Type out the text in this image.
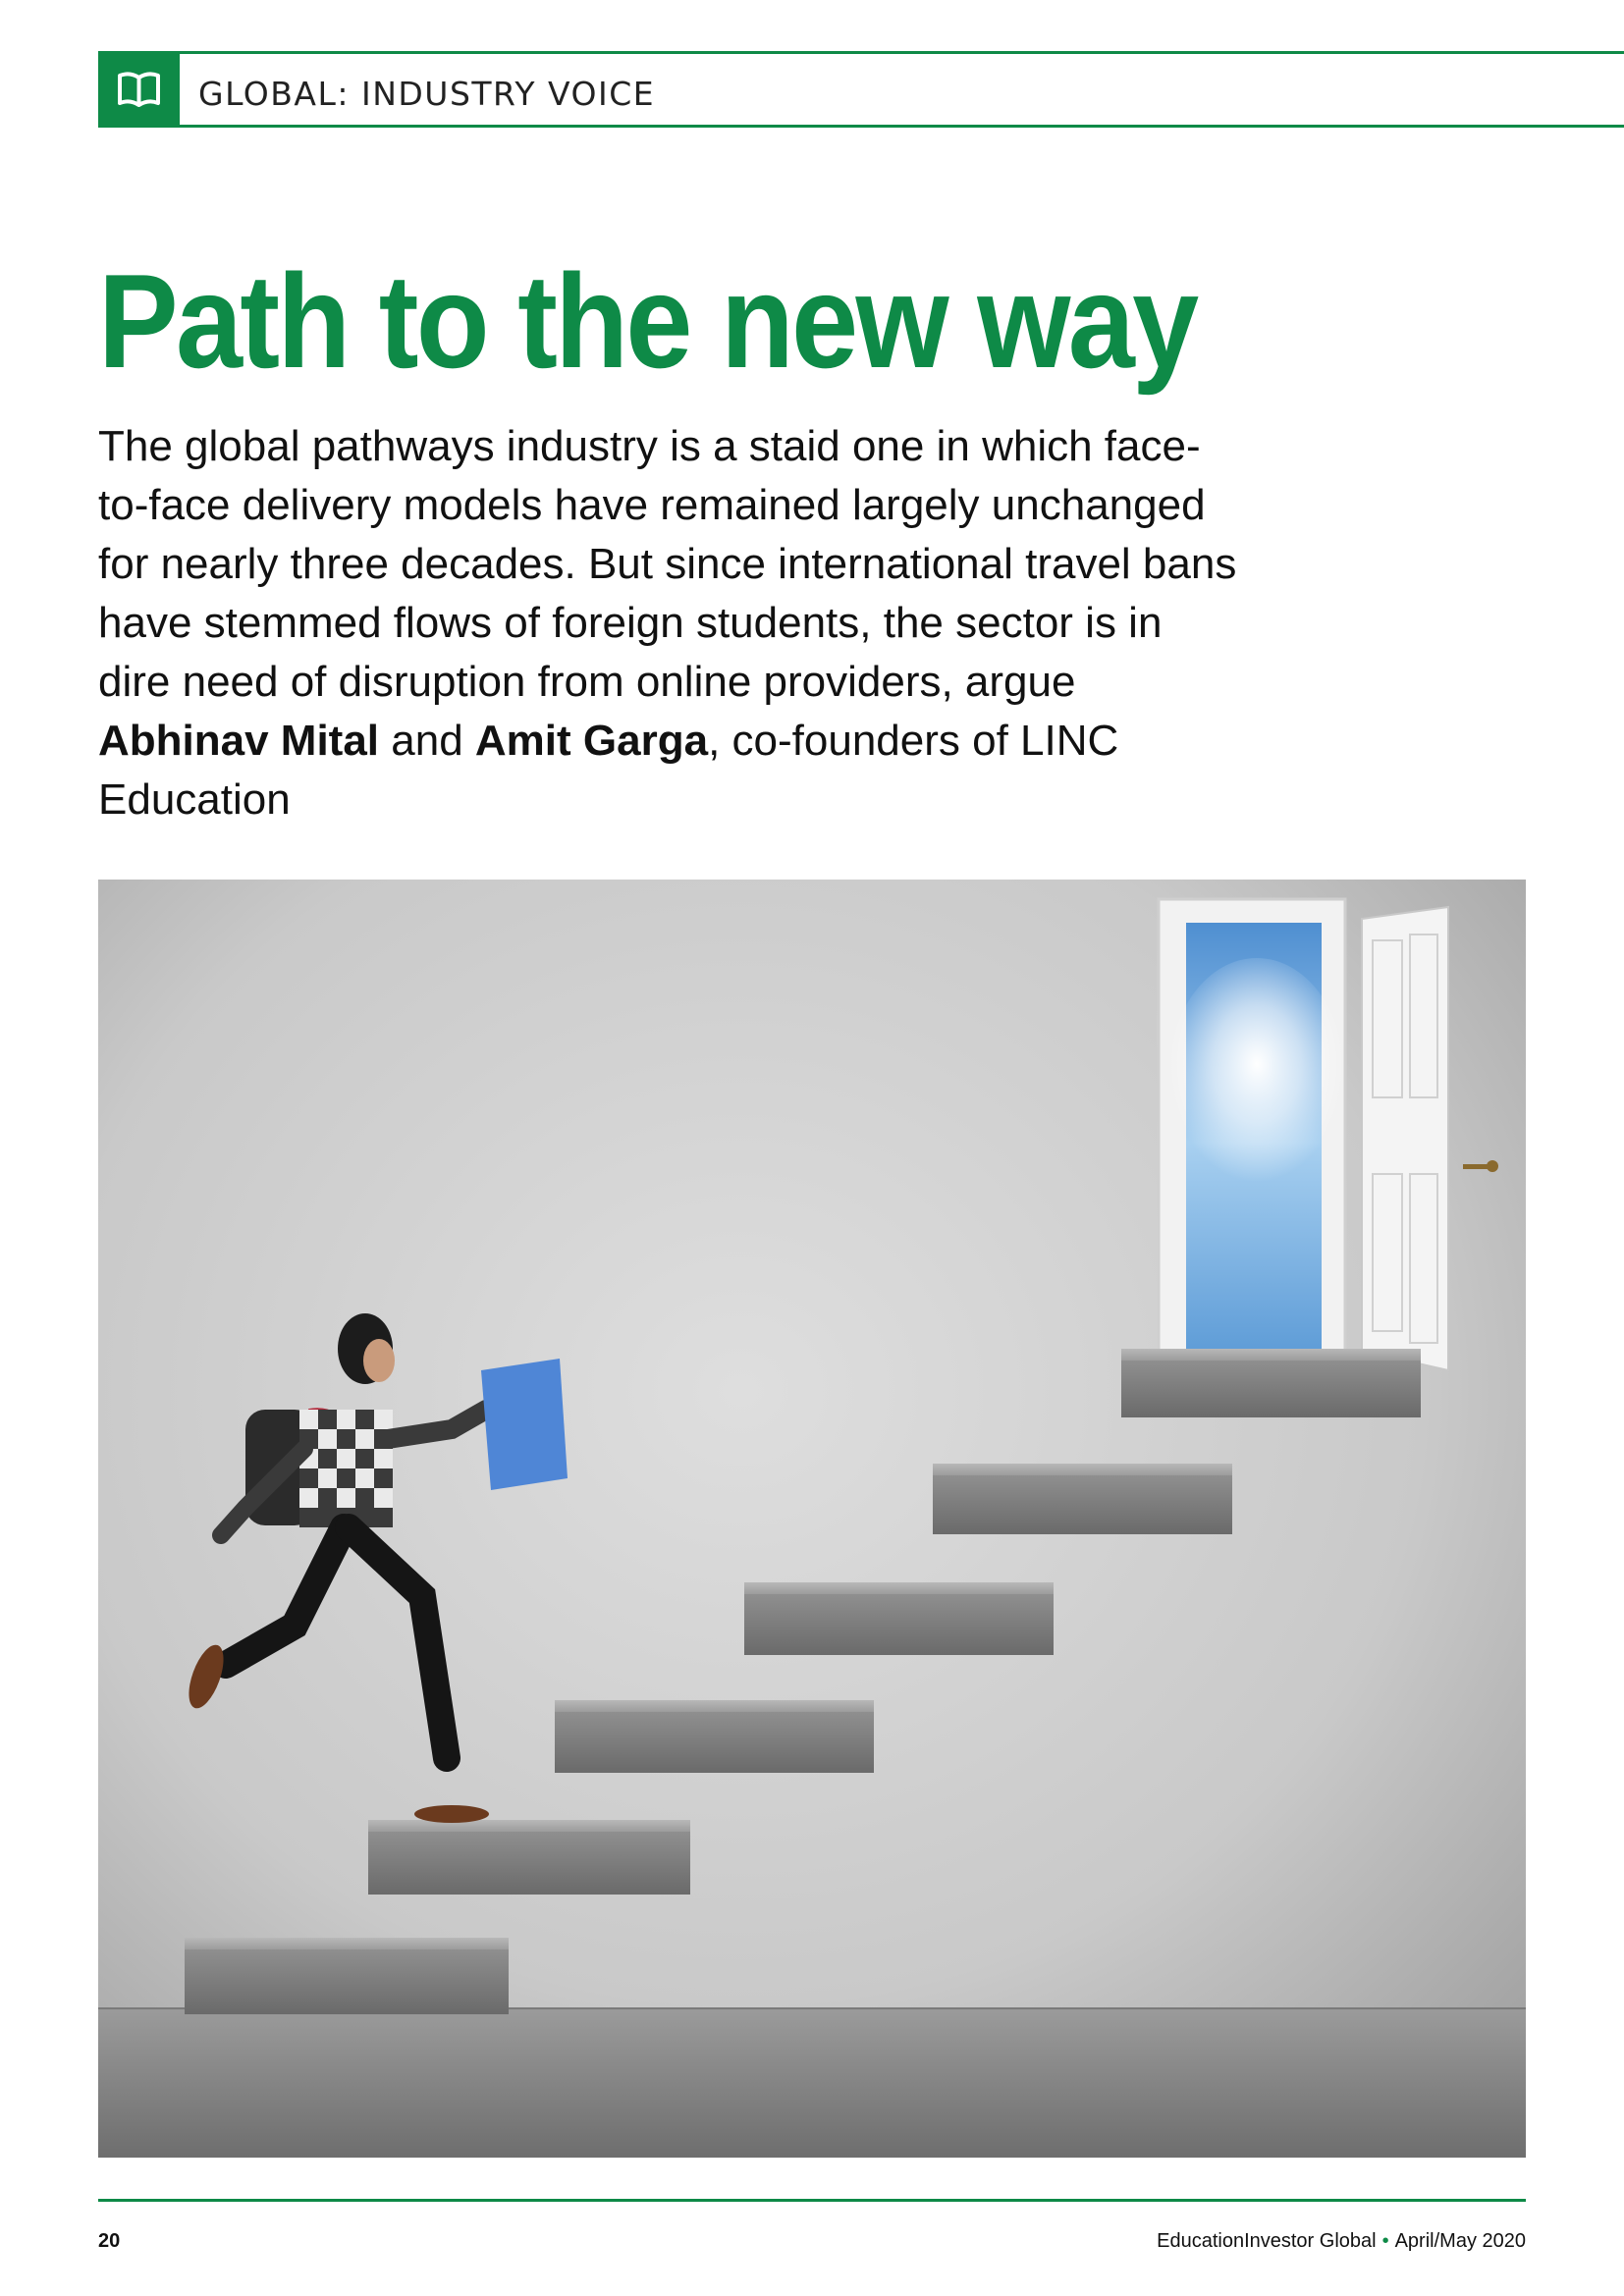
GLOBAL: INDUSTRY VOICE
Path to the new way

The global pathways industry is a staid one in which face-to-face delivery models have remained largely unchanged for nearly three decades. But since international travel bans have stemmed flows of foreign students, the sector is in dire need of disruption from online providers, argue Abhinav Mital and Amit Garga, co-founders of LINC Education

20	EducationInvestor Global • April/May 2020
